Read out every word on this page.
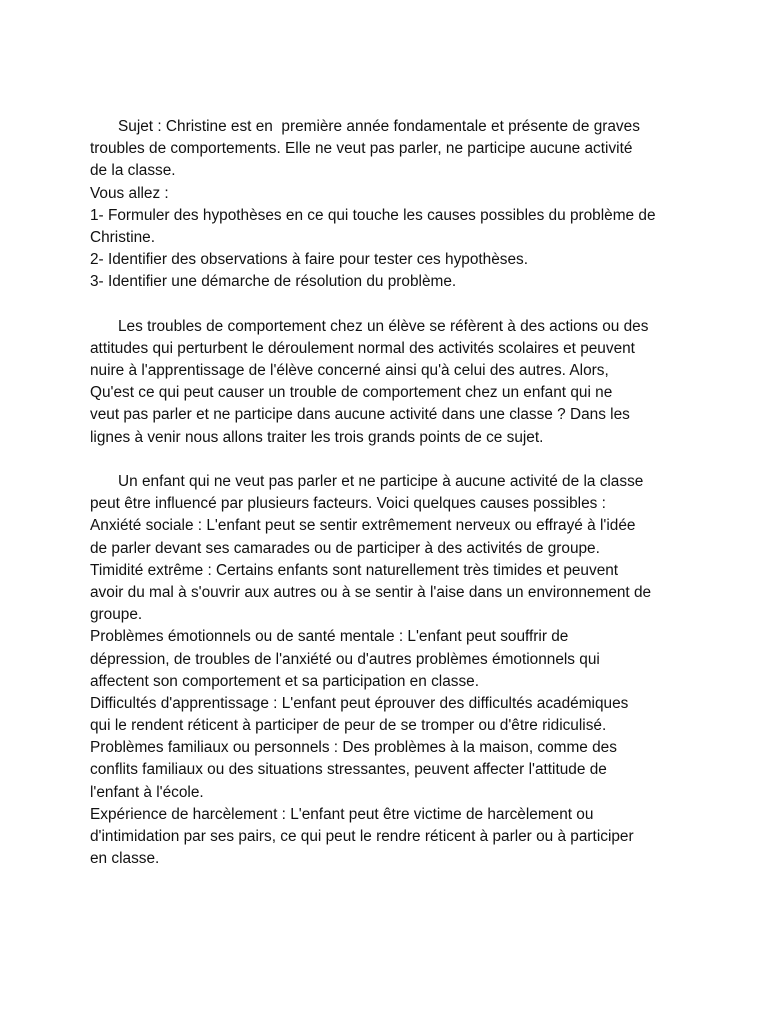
Sujet : Christine est en  première année fondamentale et présente de graves
troubles de comportements. Elle ne veut pas parler, ne participe aucune activité
de la classe.
Vous allez :
1- Formuler des hypothèses en ce qui touche les causes possibles du problème de
Christine.
2- Identifier des observations à faire pour tester ces hypothèses.
3- Identifier une démarche de résolution du problème.
Les troubles de comportement chez un élève se réfèrent à des actions ou des
attitudes qui perturbent le déroulement normal des activités scolaires et peuvent
nuire à l'apprentissage de l'élève concerné ainsi qu'à celui des autres. Alors,
Qu'est ce qui peut causer un trouble de comportement chez un enfant qui ne
veut pas parler et ne participe dans aucune activité dans une classe ? Dans les
lignes à venir nous allons traiter les trois grands points de ce sujet.
Un enfant qui ne veut pas parler et ne participe à aucune activité de la classe
peut être influencé par plusieurs facteurs. Voici quelques causes possibles :
Anxiété sociale : L'enfant peut se sentir extrêmement nerveux ou effrayé à l'idée
de parler devant ses camarades ou de participer à des activités de groupe.
Timidité extrême : Certains enfants sont naturellement très timides et peuvent
avoir du mal à s'ouvrir aux autres ou à se sentir à l'aise dans un environnement de
groupe.
Problèmes émotionnels ou de santé mentale : L'enfant peut souffrir de
dépression, de troubles de l'anxiété ou d'autres problèmes émotionnels qui
affectent son comportement et sa participation en classe.
Difficultés d'apprentissage : L'enfant peut éprouver des difficultés académiques
qui le rendent réticent à participer de peur de se tromper ou d'être ridiculisé.
Problèmes familiaux ou personnels : Des problèmes à la maison, comme des
conflits familiaux ou des situations stressantes, peuvent affecter l'attitude de
l'enfant à l'école.
Expérience de harcèlement : L'enfant peut être victime de harcèlement ou
d'intimidation par ses pairs, ce qui peut le rendre réticent à parler ou à participer
en classe.
